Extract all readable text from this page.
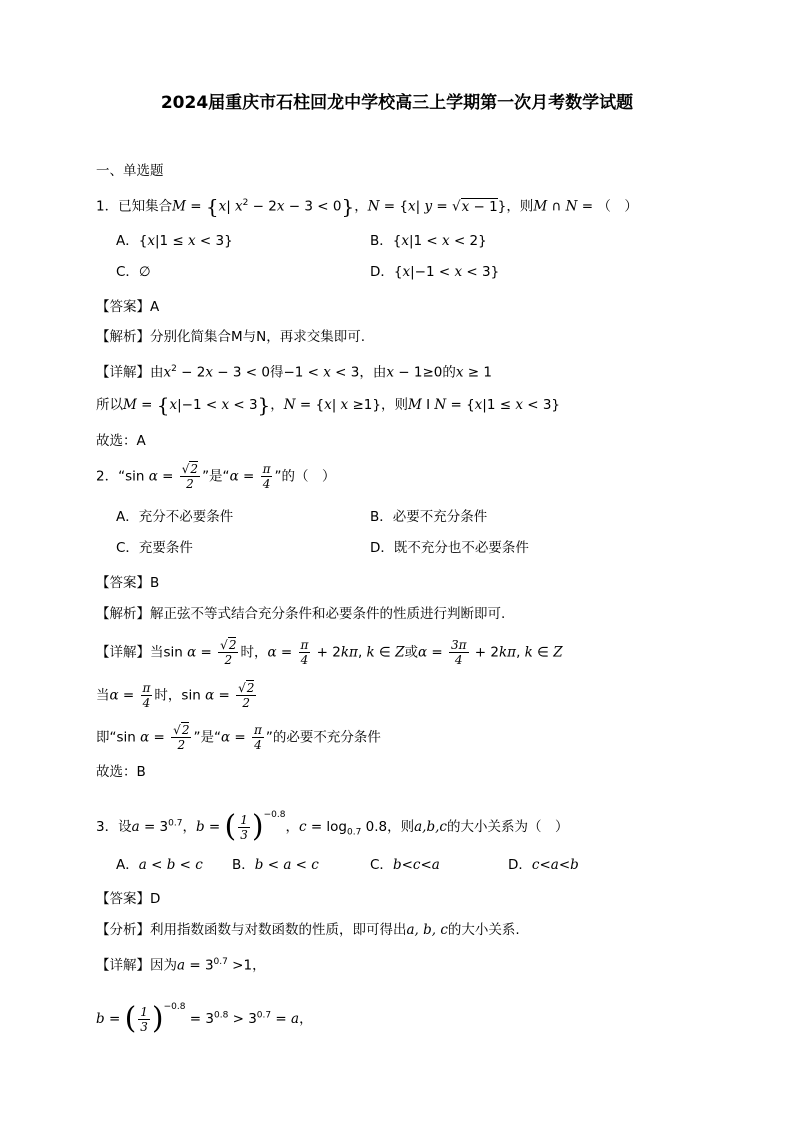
2024届重庆市石柱回龙中学校高三上学期第一次月考数学试题
一、单选题
1．已知集合M = {x| $x^2 - 2x - 3 < 0$}，N = {x| y = √x − 1}，则M ∩ N = （　）
A．{x|1 ≤ x < 3}	B．{x|1 < x < 2}
C．∅	D．{x|−1 < x < 3}
【答案】A
【解析】分别化简集合M与N，再求交集即可.
【详解】由$x^2 - 2x - 3 < 0$得−1 < x < 3，由x − 1≥0的x ≥ 1
所以M = {x|−1 < x < 3}，N = {x| x ≥1}，则M I N = {x|1 ≤ x < 3}
故选：A
2．“sin $\alpha = \frac{√2}{2}$ ”是“$\alpha = \frac{\pi}{4}$ ”的（　）
A．充分不必要条件	B．必要不充分条件
C．充要条件	D．既不充分也不必要条件
【答案】B
【解析】解正弦不等式结合充分条件和必要条件的性质进行判断即可.
【详解】当$\sin \alpha = \frac{√2}{2}$ 时，$\alpha = \frac{\pi}{4} + 2k\pi$, k ∈ Z或$\alpha = \frac{3\pi}{4} + 2k\pi$, k ∈ Z
当$\alpha = \frac{\pi}{4}$ 时，$\sin \alpha = \frac{√2}{2}$
即“sin $\alpha = \frac{√2}{2}$ ”是“$\alpha = \frac{\pi}{4}$ ”的必要不充分条件
故选：B
3．设$a = 3^{0.7}$，b = ( $\frac{1}{3} )^{-0.8}$，$c = \log_{0.7} 0.8$，则a,b,c的大小关系为（　）
A．a < b < c B．b < a < c	C．b<c<a	D．c<a<b
【答案】D
【分析】利用指数函数与对数函数的性质，即可得出a, b, c的大小关系.
【详解】因为$a = 3^{0.7} >1$，
b = ( $\frac{1}{3} )^{-0.8} = 3^{0.8} > 3^{0.7} = a$，
